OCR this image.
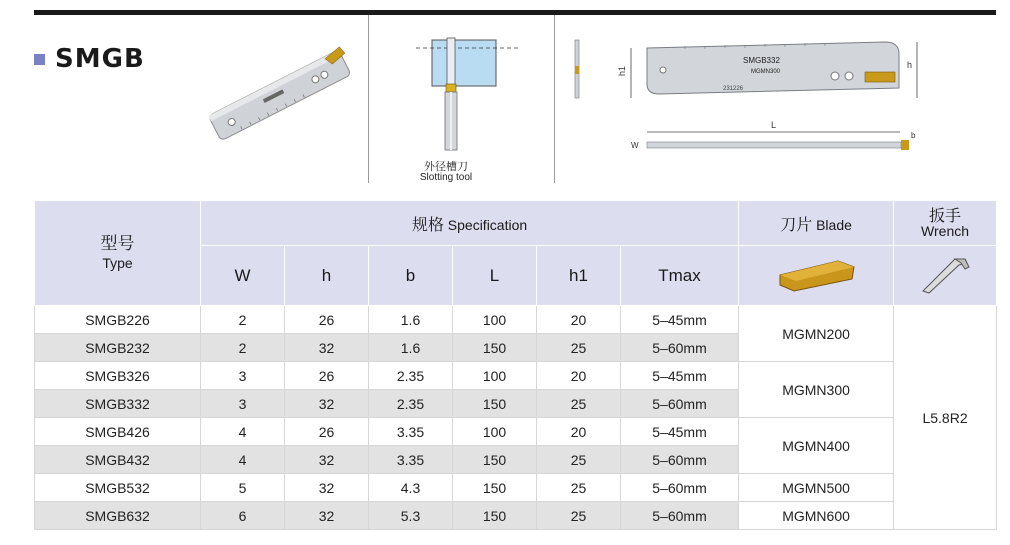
SMGB
外径槽刀
Slotting tool
h1
SMGB332
MGMN300
231226
h
L
W
b
型号
Type	规格 Specification						刀片 Blade	扳手
Wrench

	W	h	b	L	h1	Tmax		
SMGB226	2	26	1.6	100	20	5–45mm	MGMN200	L5.8R2
SMGB232	2	32	1.6	150	25	5–60mm		
SMGB326	3	26	2.35	100	20	5–45mm	MGMN300	
SMGB332	3	32	2.35	150	25	5–60mm		
SMGB426	4	26	3.35	100	20	5–45mm	MGMN400	
SMGB432	4	32	3.35	150	25	5–60mm		
SMGB532	5	32	4.3	150	25	5–60mm	MGMN500	
SMGB632	6	32	5.3	150	25	5–60mm	MGMN600	
